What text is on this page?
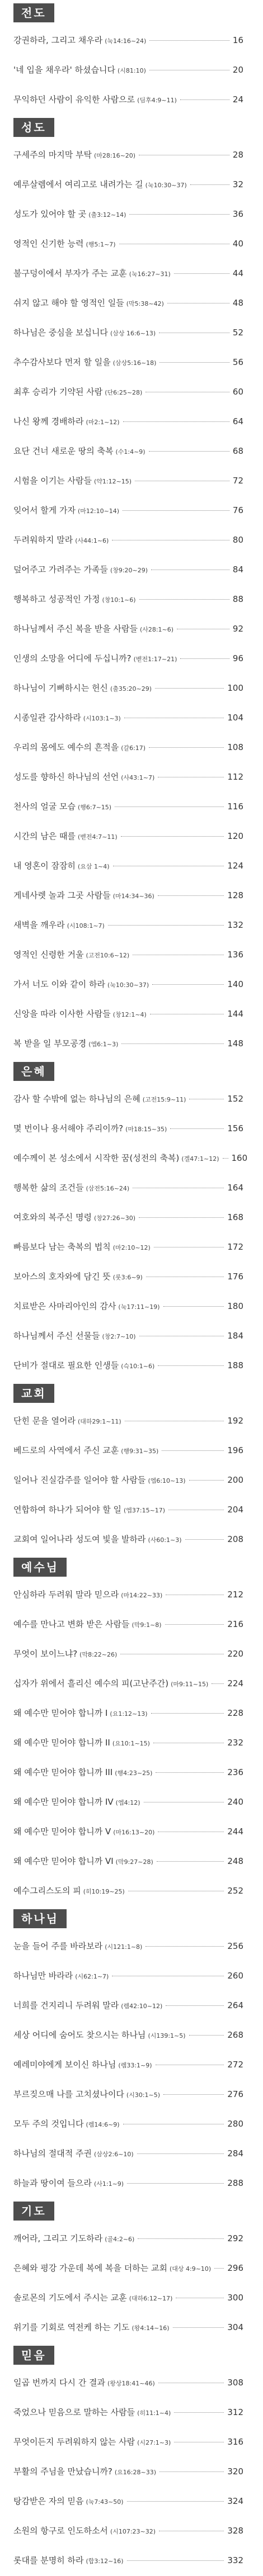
전도
강권하라, 그리고 채우라 (눅14:16~24)	16
'네 입을 채우라' 하셨습니다 (시81:10)	20
무익하던 사람이 유익한 사람으로 (딤후4:9~11)	24
성도
구세주의 마지막 부탁 (마28:16~20)	28
예루살렘에서 여리고로 내려가는 길 (눅10:30~37)	32
성도가 있어야 할 곳 (출3:12~14)	36
영적인 신기한 능력 (행5:1~7)	40
불구덩이에서 부자가 주는 교훈 (눅16:27~31)	44
쉬지 않고 해야 할 영적인 일들 (막5:38~42)	48
하나님은 중심을 보십니다 (삼상 16:6~13)	52
추수감사보다 먼저 할 일을 (삼상5:16~18)	56
최후 승리가 기약된 사람 (단6:25~28)	60
나신 왕께 경배하라 (마2:1~12)	64
요단 건너 새로운 땅의 축복 (수1:4~9)	68
시험을 이기는 사람들 (약1:12~15)	72
잊어서 할게 가자 (마12:10~14)	76
두려워하지 말라 (사44:1~6)	80
덮어주고 가려주는 가족들 (창9:20~29)	84
행복하고 성공적인 가정 (창10:1~6)	88
하나님께서 주신 복을 받을 사람들 (사28:1~6)	92
인생의 소망을 어디에 두십니까? (벧전1:17~21)	96
하나님이 기뻐하시는 헌신 (출35:20~29)	100
시종일관 감사하라 (시103:1~3)	104
우리의 몸에도 예수의 흔적을 (갈6:17)	108
성도를 향하신 하나님의 선언 (사43:1~7)	112
천사의 얼굴 모습 (행6:7~15)	116
시간의 남은 때를 (벧전4:7~11)	120
내 영혼이 잠잠히 (요삼 1~4)	124
게네사렛 놀과 그곳 사람들 (마14:34~36)	128
새벽을 깨우라 (시108:1~7)	132
영적인 신령한 거울 (고전10:6~12)	136
가서 너도 이와 같이 하라 (눅10:30~37)	140
신앙을 따라 이사한 사람들 (창12:1~4)	144
복 받을 일 부모공경 (엡6:1~3)	148
은혜
감사 할 수밖에 없는 하나님의 은혜 (고전15:9~11)	152
몇 번이나 용서해야 주리이까? (마18:15~35)	156
예수께이 본 성소에서 시작한 꿈(성전의 축복) (겔47:1~12) 160
행복한 삶의 조건들 (삼전5:16~24)	164
여호와의 복주신 명령 (창27:26~30)	168
빠름보다 남는 축복의 법칙 (마2:10~12)	172
보아스의 호자와에 담긴 뜻 (룻3:6~9)	176
치료받은 사마리아인의 감사 (눅17:11~19)	180
하나님께서 주신 선물들 (창2:7~10)	184
단비가 절대로 필요한 인생들 (슥10:1~6)	188
교회
단힌 문을 열어라 (대하29:1~11)	192
베드로의 사역에서 주신 교훈 (행9:31~35)	196
일어나 진실감주를 일어야 할 사람들 (엡6:10~13)	200
연합하여 하나가 되어야 할 일 (엡37:15~17)	204
교회여 일어나라 성도여 빛을 발하라 (사60:1~3)	208
예수님
안심하라 두려워 말라 믿으라 (마14:22~33)	212
예수를 만나고 변화 받은 사람들 (막9:1~8)	216
무엇이 보이느냐? (막8:22~26)	220
십자가 위에서 흘리신 예수의 피(고난주간) (마9:11~15) 224
왜 예수만 믿어야 합니까 I (요1:12~13)	228
왜 예수만 믿어야 합니까 II (요10:1~15)	232
왜 예수만 믿어야 합니까 III (행4:23~25)	236
왜 예수만 믿어야 합니까 IV (엡4:12)	240
왜 예수만 믿어야 합니까 V (마16:13~20)	244
왜 예수만 믿어야 합니까 VI (막9:27~28)	248
예수그리스도의 피 (히10:19~25)	252
하나님
눈을 들어 주를 바라보라 (시121:1~8)	256
하나님만 바라라 (시62:1~7)	260
너희를 건지리니 두려워 말라 (렘42:10~12)	264
세상 어디에 숨어도 찾으시는 하나님 (시139:1~5)	268
예레미야에게 보이신 하나님 (렘33:1~9)	272
부르짖으매 나를 고치셨나이다 (시30:1~5)	276
모두 주의 것입니다 (렘14:6~9)	280
하나님의 절대적 주권 (삼상2:6~10)	284
하늘과 땅이여 들으라 (사1:1~9)	288
기도
깨어라, 그리고 기도하라 (골4:2~6)	292
은혜와 평강 가운데 복에 복을 더하는 교회 (대상 4:9~10) 296
솔로몬의 기도에서 주시는 교훈 (대하6:12~17)	300
위기를 기회로 역전케 하는 기도 (왕4:14~16)	304
믿음
일곱 번까지 다시 간 결과 (왕상18:41~46)	308
죽었으나 믿음으로 말하는 사람들 (히11:1~4)	312
무엇이든지 두려워하지 않는 사람 (시27:1~3)	316
부활의 주님을 만났습니까? (요16:28~33)	320
탕감받은 자의 믿음 (눅7:43~50)	324
소원의 항구로 인도하소서 (시107:23~32)	328
롯대를 분명히 하라 (합3:12~16)	332
